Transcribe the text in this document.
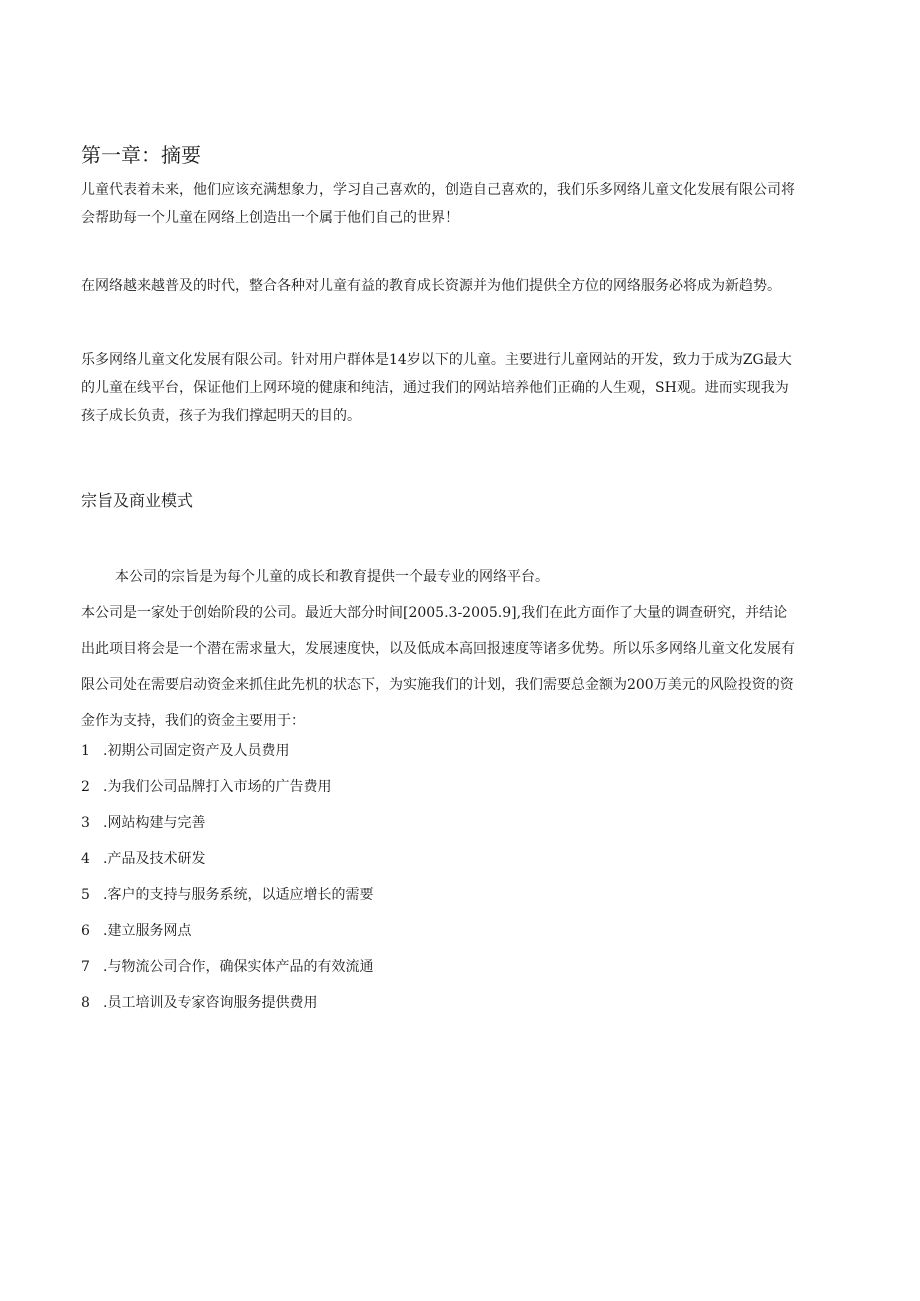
第一章：摘要
儿童代表着未来，他们应该充满想象力，学习自己喜欢的，创造自己喜欢的，我们乐多网络儿童文化发展有限公司将会帮助每一个儿童在网络上创造出一个属于他们自己的世界！
在网络越来越普及的时代，整合各种对儿童有益的教育成长资源并为他们提供全方位的网络服务必将成为新趋势。
乐多网络儿童文化发展有限公司。针对用户群体是14岁以下的儿童。主要进行儿童网站的开发，致力于成为ZG最大的儿童在线平台，保证他们上网环境的健康和纯洁，通过我们的网站培养他们正确的人生观，SH观。进而实现我为孩子成长负责，孩子为我们撑起明天的目的。
宗旨及商业模式
本公司的宗旨是为每个儿童的成长和教育提供一个最专业的网络平台。
本公司是一家处于创始阶段的公司。最近大部分时间[2005.3-2005.9],我们在此方面作了大量的调查研究，并结论出此项目将会是一个潜在需求量大，发展速度快，以及低成本高回报速度等诸多优势。所以乐多网络儿童文化发展有限公司处在需要启动资金来抓住此先机的状态下，为实施我们的计划，我们需要总金额为200万美元的风险投资的资金作为支持，我们的资金主要用于：
1 .初期公司固定资产及人员费用
2 .为我们公司品牌打入市场的广告费用
3 .网站构建与完善
4 .产品及技术研发
5 .客户的支持与服务系统，以适应增长的需要
6 .建立服务网点
7 .与物流公司合作，确保实体产品的有效流通
8 .员工培训及专家咨询服务提供费用
